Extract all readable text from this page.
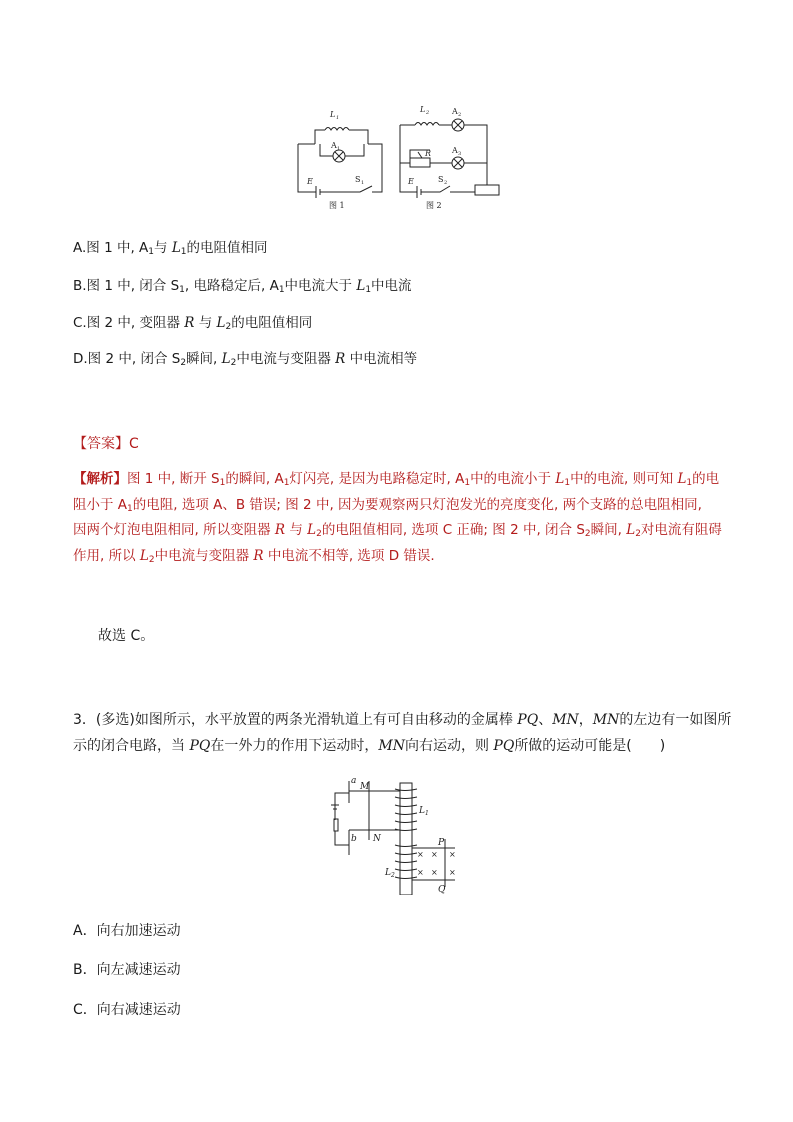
L 1
A 1
E	S 1
L 2	A 2
R	A 3
E	S 2
图 1	图 2
A.图 1 中, $A_1$与 $L_1$的电阻值相同
B.图 1 中, 闭合 $S_1$, 电路稳定后, $A_1$中电流大于 $L_1$中电流
C.图 2 中, 变阻器 R 与 $L_2$的电阻值相同
D.图 2 中, 闭合 $S_2$瞬间, $L_2$中电流与变阻器 R 中电流相等
【答案】C
【解析】图 1 中, 断开 $S_1$的瞬间, $A_1$灯闪亮, 是因为电路稳定时, $A_1$中的电流小于 $L_1$中的电流, 则可知 $L_1$的电
阻小于 $A_1$的电阻, 选项 A、B 错误; 图 2 中, 因为要观察两只灯泡发光的亮度变化, 两个支路的总电阻相同,
因两个灯泡电阻相同, 所以变阻器 R 与 $L_2$的电阻值相同, 选项 C 正确; 图 2 中, 闭合 $S_2$瞬间, $L_2$对电流有阻碍
作用, 所以 $L_2$中电流与变阻器 R 中电流不相等, 选项 D 错误.
故选 C。
3．(多选)如图所示，水平放置的两条光滑轨道上有可自由移动的金属棒 PQ、MN，MN的左边有一如图所
示的闭合电路，当 PQ在一外力的作用下运动时，MN向右运动，则 PQ所做的运动可能是(　　)
a
b
M
N
L 1
L 2
P
Q
× × ×
× × ×
A．向右加速运动
B．向左减速运动
C．向右减速运动
